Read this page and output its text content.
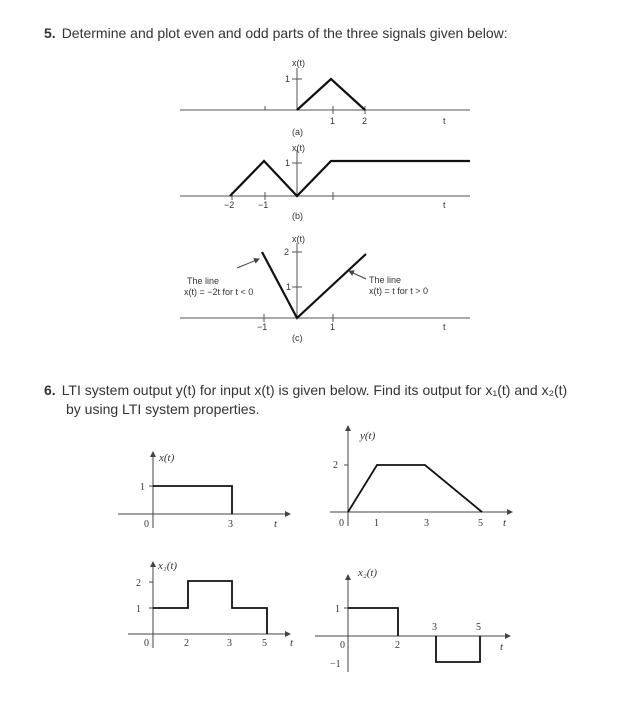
5. Determine and plot even and odd parts of the three signals given below:
6. LTI system output y(t) for input x(t) is given below. Find its output for x₁(t) and x₂(t)
by using LTI system properties.
x(t)
1
1	2	t
(a)
x(t)
1
−2	−1	t
(b)
x(t)
2
1
−1	1	t
(c)
The line
x(t) = −2t for t < 0
The line
x(t) = t for t > 0
x(t)
1
0	3	t
y(t)
2
0	1	3	5 t
x₁(t)
2
1
0	2	3	5 t
x₂(t)
1
−1
0	2
3	5
t
